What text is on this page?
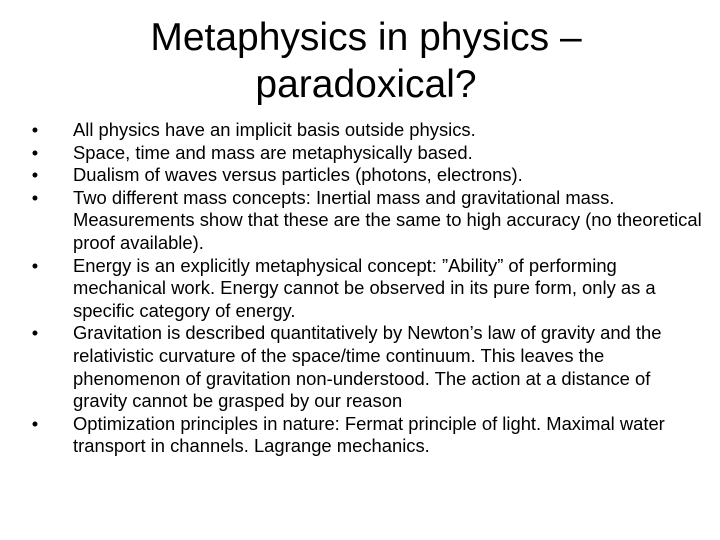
Metaphysics in physics – paradoxical?
• All physics have an implicit basis outside physics.
• Space, time and mass are metaphysically based.
• Dualism of waves versus particles (photons, electrons).
• Two different mass concepts: Inertial mass and gravitational mass. Measurements show that these are the same to high accuracy (no theoretical proof available).
• Energy is an explicitly metaphysical concept: ”Ability” of performing mechanical work. Energy cannot be observed in its pure form, only as a specific category of energy.
• Gravitation is described quantitatively by Newton’s law of gravity and the relativistic curvature of the space/time continuum. This leaves the phenomenon of gravitation non-understood. The action at a distance of gravity cannot be grasped by our reason
• Optimization principles in nature: Fermat principle of light. Maximal water transport in channels. Lagrange mechanics.
